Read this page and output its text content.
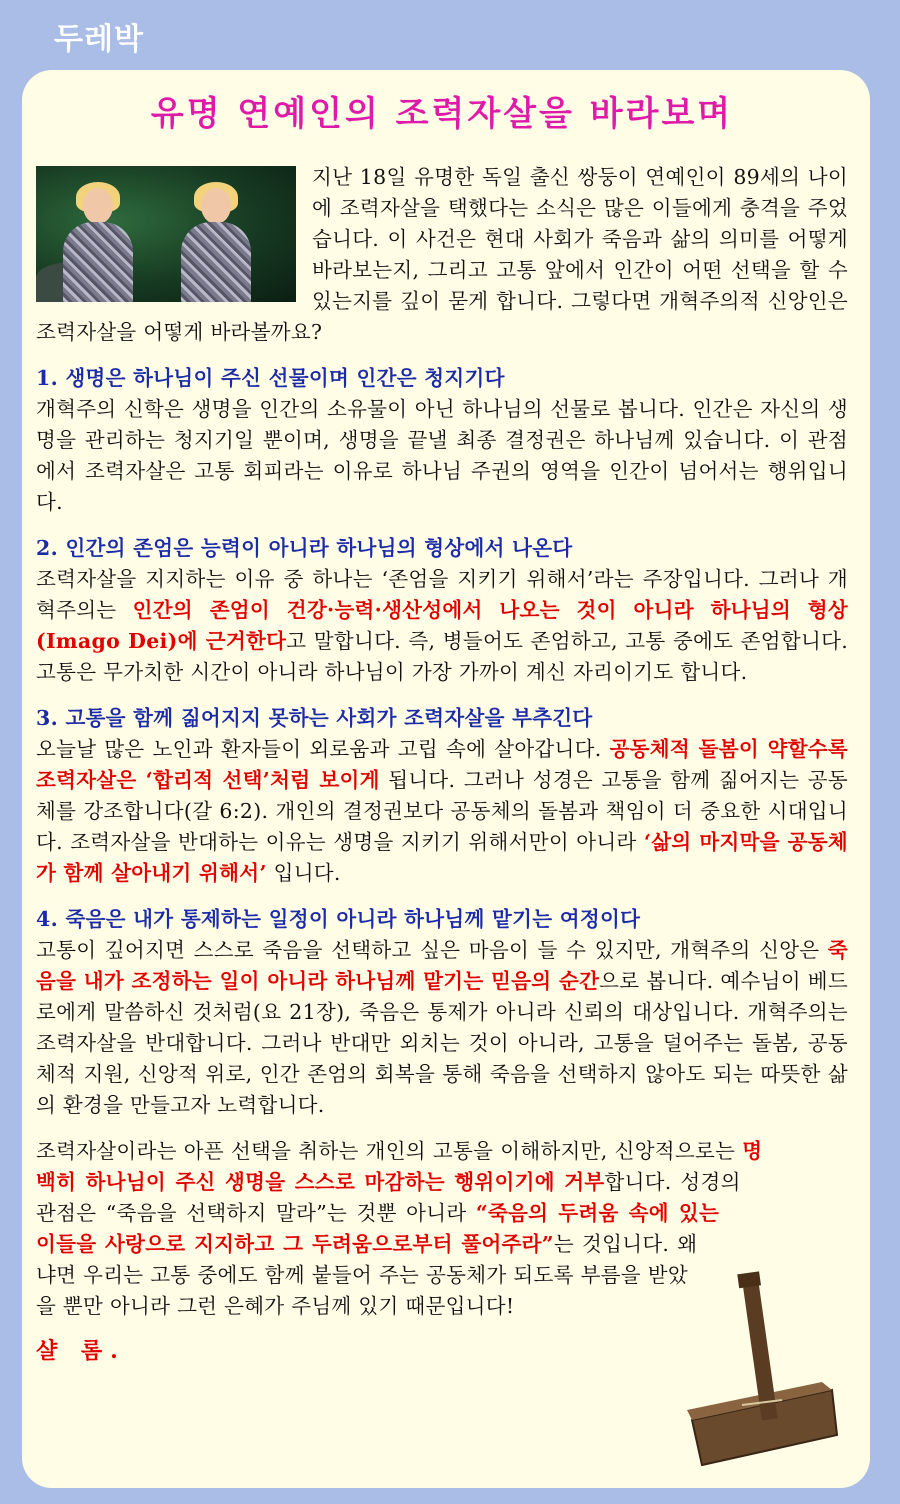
두레박
유명 연예인의 조력자살을 바라보며

지난 18일 유명한 독일 출신 쌍둥이 연예인이 89세의 나이에 조력자살을 택했다는 소식은 많은 이들에게 충격을 주었습니다. 이 사건은 현대 사회가 죽음과 삶의 의미를 어떻게 바라보는지, 그리고 고통 앞에서 인간이 어떤 선택을 할 수 있는지를 깊이 묻게 합니다. 그렇다면 개혁주의적 신앙인은 조력자살을 어떻게 바라볼까요?

1. 생명은 하나님이 주신 선물이며 인간은 청지기다

개혁주의 신학은 생명을 인간의 소유물이 아닌 하나님의 선물로 봅니다. 인간은 자신의 생명을 관리하는 청지기일 뿐이며, 생명을 끝낼 최종 결정권은 하나님께 있습니다. 이 관점에서 조력자살은 고통 회피라는 이유로 하나님 주권의 영역을 인간이 넘어서는 행위입니다.

2. 인간의 존엄은 능력이 아니라 하나님의 형상에서 나온다

조력자살을 지지하는 이유 중 하나는 ‘존엄을 지키기 위해서’라는 주장입니다. 그러나 개혁주의는 인간의 존엄이 건강·능력·생산성에서 나오는 것이 아니라 하나님의 형상(Imago Dei)에 근거한다고 말합니다. 즉, 병들어도 존엄하고, 고통 중에도 존엄합니다. 고통은 무가치한 시간이 아니라 하나님이 가장 가까이 계신 자리이기도 합니다.

3. 고통을 함께 짊어지지 못하는 사회가 조력자살을 부추긴다

오늘날 많은 노인과 환자들이 외로움과 고립 속에 살아갑니다. 공동체적 돌봄이 약할수록 조력자살은 ‘합리적 선택’처럼 보이게 됩니다. 그러나 성경은 고통을 함께 짊어지는 공동체를 강조합니다(갈 6:2). 개인의 결정권보다 공동체의 돌봄과 책임이 더 중요한 시대입니다. 조력자살을 반대하는 이유는 생명을 지키기 위해서만이 아니라 ‘삶의 마지막을 공동체가 함께 살아내기 위해서’ 입니다.

4. 죽음은 내가 통제하는 일정이 아니라 하나님께 맡기는 여정이다

고통이 깊어지면 스스로 죽음을 선택하고 싶은 마음이 들 수 있지만, 개혁주의 신앙은 죽음을 내가 조정하는 일이 아니라 하나님께 맡기는 믿음의 순간으로 봅니다. 예수님이 베드로에게 말씀하신 것처럼(요 21장), 죽음은 통제가 아니라 신뢰의 대상입니다. 개혁주의는 조력자살을 반대합니다. 그러나 반대만 외치는 것이 아니라, 고통을 덜어주는 돌봄, 공동체적 지원, 신앙적 위로, 인간 존엄의 회복을 통해 죽음을 선택하지 않아도 되는 따뜻한 삶의 환경을 만들고자 노력합니다.

조력자살이라는 아픈 선택을 취하는 개인의 고통을 이해하지만, 신앙적으로는 명백히 하나님이 주신 생명을 스스로 마감하는 행위이기에 거부합니다. 성경의 관점은 “죽음을 선택하지 말라”는 것뿐 아니라 “죽음의 두려움 속에 있는 이들을 사랑으로 지지하고 그 두려움으로부터 풀어주라”는 것입니다. 왜냐면 우리는 고통 중에도 함께 붙들어 주는 공동체가 되도록 부름을 받았을 뿐만 아니라 그런 은혜가 주님께 있기 때문입니다!

샬 롬.
